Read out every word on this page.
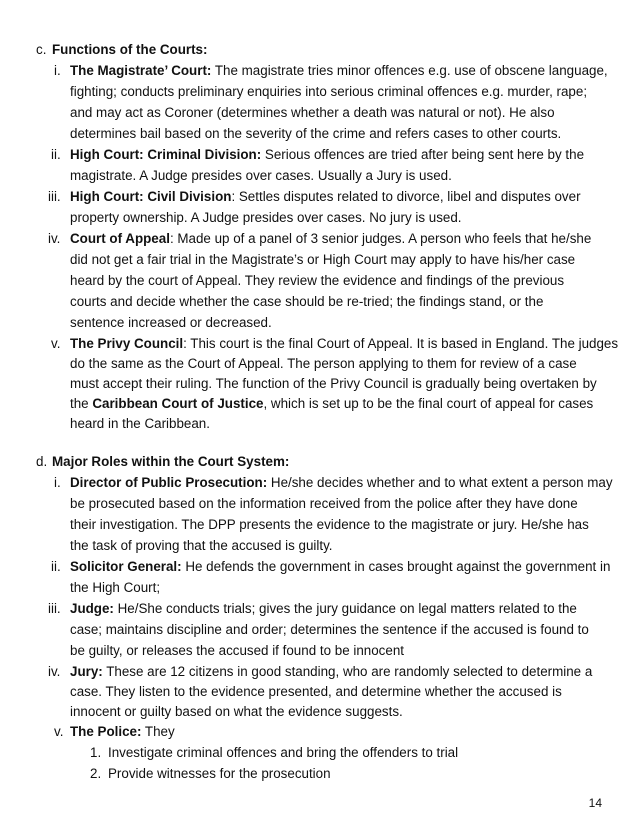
c. Functions of the Courts:
i. The Magistrate’ Court: The magistrate tries minor offences e.g. use of obscene language,
fighting; conducts preliminary enquiries into serious criminal offences e.g. murder, rape;
and may act as Coroner (determines whether a death was natural or not). He also
determines bail based on the severity of the crime and refers cases to other courts.
ii. High Court: Criminal Division: Serious offences are tried after being sent here by the
magistrate. A Judge presides over cases. Usually a Jury is used.
iii. High Court: Civil Division: Settles disputes related to divorce, libel and disputes over
property ownership. A Judge presides over cases. No jury is used.
iv. Court of Appeal: Made up of a panel of 3 senior judges. A person who feels that he/she
did not get a fair trial in the Magistrate’s or High Court may apply to have his/her case
heard by the court of Appeal. They review the evidence and findings of the previous
courts and decide whether the case should be re-tried; the findings stand, or the
sentence increased or decreased.
v. The Privy Council: This court is the final Court of Appeal. It is based in England. The judges
do the same as the Court of Appeal. The person applying to them for review of a case
must accept their ruling. The function of the Privy Council is gradually being overtaken by
the Caribbean Court of Justice, which is set up to be the final court of appeal for cases
heard in the Caribbean.
d. Major Roles within the Court System:
i. Director of Public Prosecution: He/she decides whether and to what extent a person may
be prosecuted based on the information received from the police after they have done
their investigation. The DPP presents the evidence to the magistrate or jury. He/she has
the task of proving that the accused is guilty.
ii. Solicitor General: He defends the government in cases brought against the government in
the High Court;
iii. Judge: He/She conducts trials; gives the jury guidance on legal matters related to the
case; maintains discipline and order; determines the sentence if the accused is found to
be guilty, or releases the accused if found to be innocent
iv. Jury: These are 12 citizens in good standing, who are randomly selected to determine a
case. They listen to the evidence presented, and determine whether the accused is
innocent or guilty based on what the evidence suggests.
v. The Police: They
1. Investigate criminal offences and bring the offenders to trial
2. Provide witnesses for the prosecution
14
